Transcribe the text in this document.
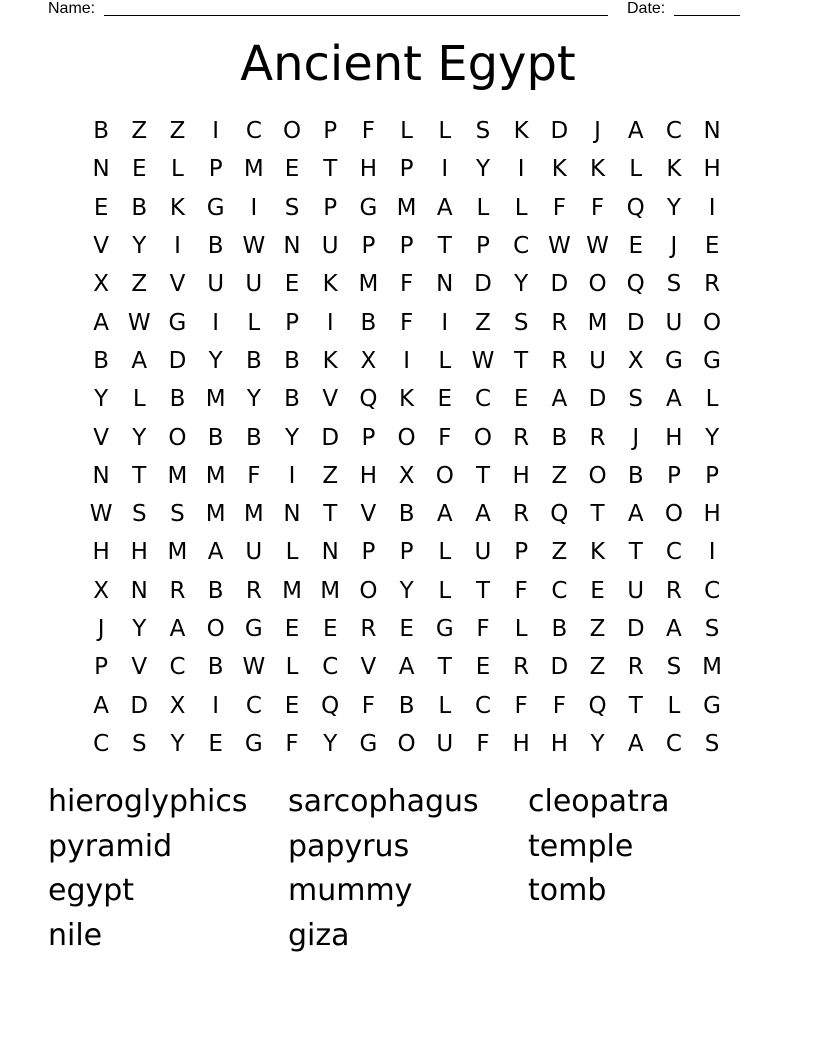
Name:	Date:
Ancient Egypt
B Z Z	I	C O P	F	L	L	S	K D	J	A C N
N E	L	P M E	T H P	I	Y	I	K	K	L	K H
E	B K G	I	S	P G M A	L	L	F	F Q Y	I
V	Y	I	B W N U P	P	T	P	C W W E	J	E
X Z V U U E	K M F N D Y D O Q S R
A W G	I	L	P	I	B	F	I	Z	S R M D U O
B A D Y	B B K X	I	L W T	R U X G G
Y	L	B M Y	B V Q K	E C E	A D S	A	L
V	Y O B B	Y D P O F O R B R	J	H Y
N T M M F	I	Z H X O T H Z O B	P	P
W S	S M M N T	V B A A R Q T	A O H
H H M A U	L	N P	P	L	U P	Z K	T	C	I
X N R B R M M O Y	L	T	F	C E U R C
J	Y	A O G E	E R E G F	L	B Z D A	S
P	V C B W L	C V A	T	E R D Z R S M
A D X	I	C E Q F	B	L	C	F	F Q T	L G
C S	Y	E G F	Y G O U	F H H Y	A C S
hieroglyphics
pyramid
egypt
nile
sarcophagus
papyrus
mummy
giza
cleopatra
temple
tomb
